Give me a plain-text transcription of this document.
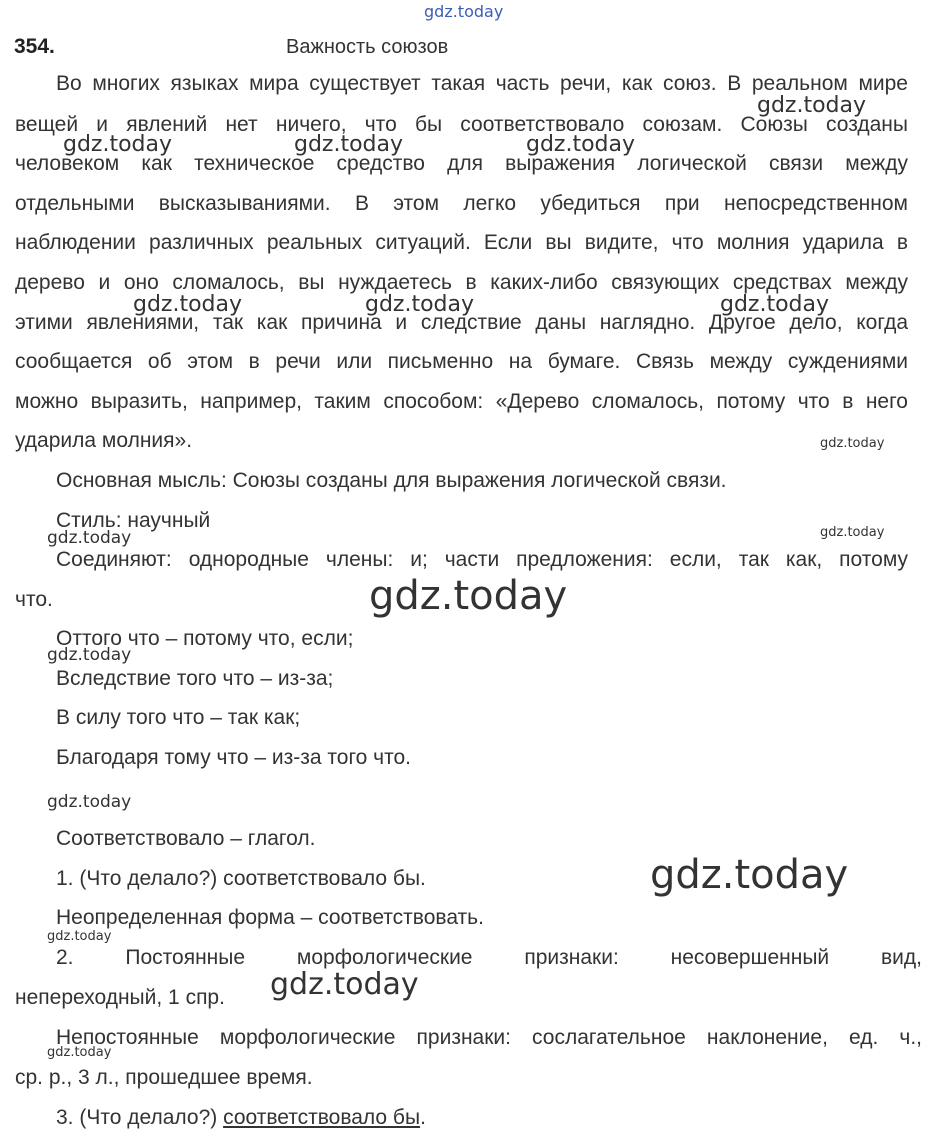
gdz.today
354.	Важность союзов
Во многих языках мира существует такая часть речи, как союз. В реальном мире
вещей и явлений нет ничего, что бы соответствовало союзам. Союзы созданы
человеком как техническое средство для выражения логической связи между
отдельными высказываниями. В этом легко убедиться при непосредственном
наблюдении различных реальных ситуаций. Если вы видите, что молния ударила в
дерево и оно сломалось, вы нуждаетесь в каких-либо связующих средствах между
этими явлениями, так как причина и следствие даны наглядно. Другое дело, когда
сообщается об этом в речи или письменно на бумаге. Связь между суждениями
можно выразить, например, таким способом: «Дерево сломалось, потому что в него
ударила молния».
Основная мысль: Союзы созданы для выражения логической связи.
Стиль: научный
Соединяют: однородные члены: и; части предложения: если, так как, потому
что.
Оттого что – потому что, если;
Вследствие того что – из-за;
В силу того что – так как;
Благодаря тому что – из-за того что.
Соответствовало – глагол.
1. (Что делало?) соответствовало бы.
Неопределенная форма – соответствовать.
2. Постоянные морфологические признаки: несовершенный вид,
непереходный, 1 спр.
Непостоянные морфологические признаки: сослагательное наклонение, ед. ч.,
ср. р., 3 л., прошедшее время.
3. (Что делало?) соответствовало бы.
gdz.today
gdz.today	gdz.today	gdz.today
gdz.today	gdz.today	gdz.today
gdz.today
gdz.today	gdz.today
gdz.today
gdz.today
gdz.today
gdz.today
gdz.today
gdz.today
gdz.today
